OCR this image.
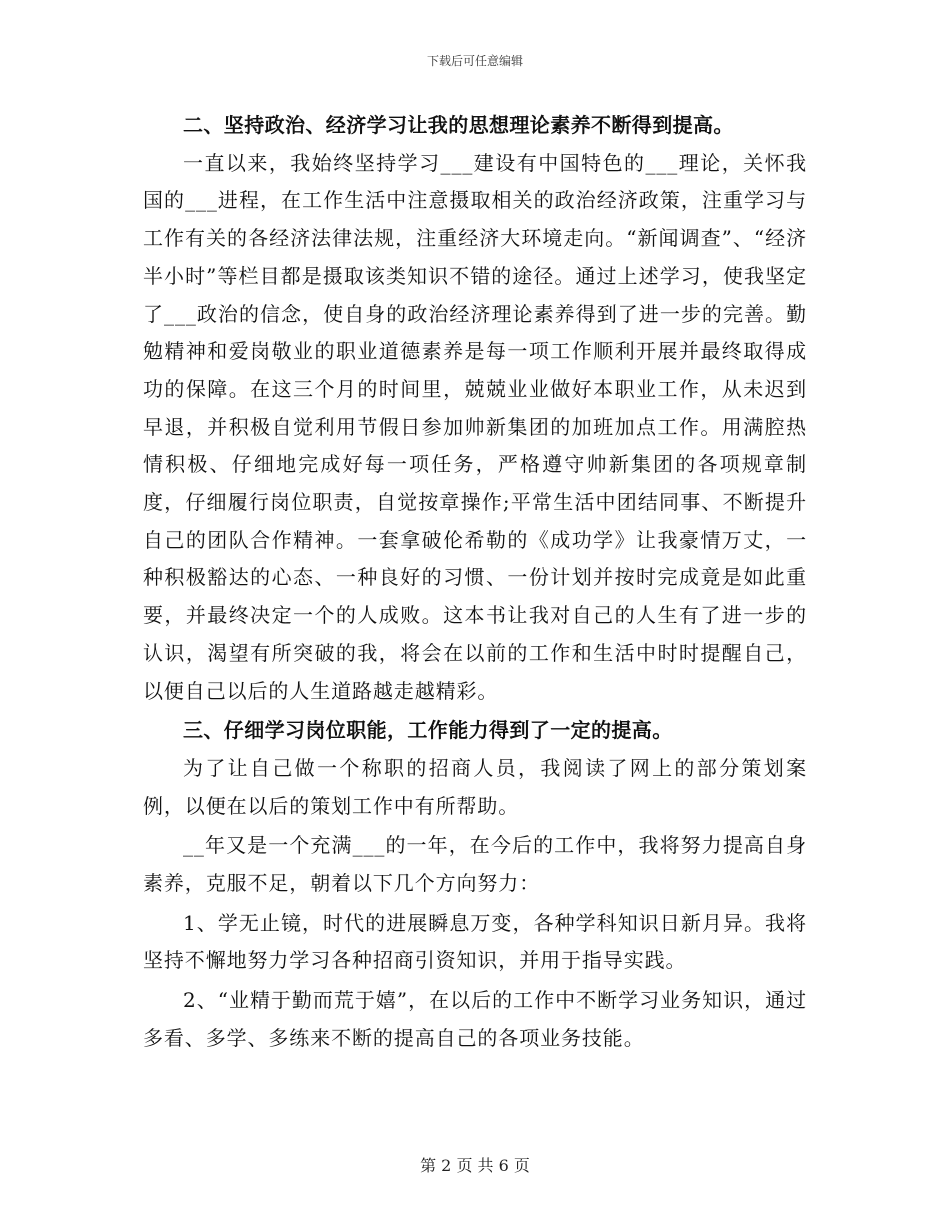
下载后可任意编辑

二、坚持政治、经济学习让我的思想理论素养不断得到提高。

一直以来，我始终坚持学习___建设有中国特色的___理论，关怀我国的___进程，在工作生活中注意摄取相关的政治经济政策，注重学习与工作有关的各经济法律法规，注重经济大环境走向。“新闻调查”、“经济半小时”等栏目都是摄取该类知识不错的途径。通过上述学习，使我坚定了___政治的信念，使自身的政治经济理论素养得到了进一步的完善。勤勉精神和爱岗敬业的职业道德素养是每一项工作顺利开展并最终取得成功的保障。在这三个月的时间里，兢兢业业做好本职业工作，从未迟到早退，并积极自觉利用节假日参加帅新集团的加班加点工作。用满腔热情积极、仔细地完成好每一项任务，严格遵守帅新集团的各项规章制度，仔细履行岗位职责，自觉按章操作;平常生活中团结同事、不断提升自己的团队合作精神。一套拿破伦希勒的《成功学》让我豪情万丈，一种积极豁达的心态、一种良好的习惯、一份计划并按时完成竟是如此重要，并最终决定一个的人成败。这本书让我对自己的人生有了进一步的认识，渴望有所突破的我，将会在以前的工作和生活中时时提醒自己，以便自己以后的人生道路越走越精彩。

三、仔细学习岗位职能，工作能力得到了一定的提高。

为了让自己做一个称职的招商人员，我阅读了网上的部分策划案例，以便在以后的策划工作中有所帮助。

__年又是一个充满___的一年，在今后的工作中，我将努力提高自身素养，克服不足，朝着以下几个方向努力：

1、学无止镜，时代的进展瞬息万变，各种学科知识日新月异。我将坚持不懈地努力学习各种招商引资知识，并用于指导实践。

2、“业精于勤而荒于嬉”，在以后的工作中不断学习业务知识，通过多看、多学、多练来不断的提高自己的各项业务技能。

第 2 页 共 6 页
